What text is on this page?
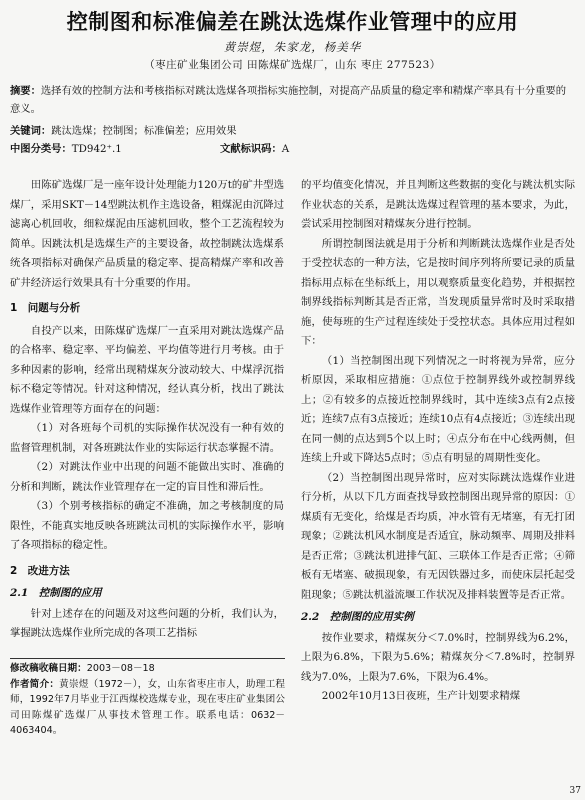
控制图和标准偏差在跳汰选煤作业管理中的应用
黄崇煜，朱家龙，杨美华
（枣庄矿业集团公司 田陈煤矿选煤厂，山东 枣庄 277523）
摘要：选择有效的控制方法和考核指标对跳汰选煤各项指标实施控制，对提高产品质量的稳定率和精煤产率具有十分重要的意义。
关键词：跳汰选煤；控制图；标准偏差；应用效果
中图分类号：TD942⁺.1	文献标识码：A

田陈矿选煤厂是一座年设计处理能力120万t的矿井型选煤厂，采用SKT－14型跳汰机作主选设备，粗煤泥由沉降过滤离心机回收，细粒煤泥由压滤机回收，整个工艺流程较为简单。因跳汰机是选煤生产的主要设备，故控制跳汰选煤系统各项指标对确保产品质量的稳定率、提高精煤产率和改善矿井经济运行效果具有十分重要的作用。

1　问题与分析

自投产以来，田陈煤矿选煤厂一直采用对跳汰选煤产品的合格率、稳定率、平均偏差、平均值等进行月考核。由于多种因素的影响，经常出现精煤灰分波动较大、中煤浮沉指标不稳定等情况。针对这种情况，经认真分析，找出了跳汰选煤作业管理等方面存在的问题：

（1）对各班每个司机的实际操作状况没有一种有效的监督管理机制，对各班跳汰作业的实际运行状态掌握不清。

（2）对跳汰作业中出现的问题不能做出实时、准确的分析和判断，跳汰作业管理存在一定的盲目性和滞后性。

（3）个别考核指标的确定不准确，加之考核制度的局限性，不能真实地反映各班跳汰司机的实际操作水平，影响了各项指标的稳定性。

2　改进方法
2.1　控制图的应用

针对上述存在的问题及对这些问题的分析，我们认为，掌握跳汰选煤作业所完成的各项工艺指标

修改稿收稿日期：2003－08－18

作者简介：黄崇煜（1972－），女，山东省枣庄市人，助理工程师，1992年7月毕业于江西煤校选煤专业，现在枣庄矿业集团公司田陈煤矿选煤厂从事技术管理工作。联系电话：0632－4063404。

的平均值变化情况，并且判断这些数据的变化与跳汰机实际作业状态的关系，是跳汰选煤过程管理的基本要求，为此，尝试采用控制图对精煤灰分进行控制。

所谓控制图法就是用于分析和判断跳汰选煤作业是否处于受控状态的一种方法，它是按时间序列将所要记录的质量指标用点标在坐标纸上，用以观察质量变化趋势，并根据控制界线指标判断其是否正常，当发现质量异常时及时采取措施，使每班的生产过程连续处于受控状态。具体应用过程如下：

（1）当控制图出现下列情况之一时将视为异常，应分析原因，采取相应措施：①点位于控制界线外或控制界线上；②有较多的点接近控制界线时，其中连续3点有2点接近；连续7点有3点接近；连续10点有4点接近；③连续出现在同一侧的点达到5个以上时；④点分布在中心线两侧，但连续上升或下降达5点时；⑤点有明显的周期性变化。

（2）当控制图出现异常时，应对实际跳汰选煤作业进行分析，从以下几方面查找导致控制图出现异常的原因：①煤质有无变化，给煤是否均质，冲水管有无堵塞，有无打团现象；②跳汰机风水制度是否适宜，脉动频率、周期及排料是否正常；③跳汰机进排气缸、三联体工作是否正常；④筛板有无堵塞、破损现象，有无因铁器过多，而使床层托起受阻现象；⑤跳汰机溢流堰工作状况及排料装置等是否正常。

2.2　控制图的应用实例

按作业要求，精煤灰分＜7.0%时，控制界线为6.2%，上限为6.8%，下限为5.6%；精煤灰分＜7.8%时，控制界线为7.0%，上限为7.6%，下限为6.4%。

2002年10月13日夜班，生产计划要求精煤

37
